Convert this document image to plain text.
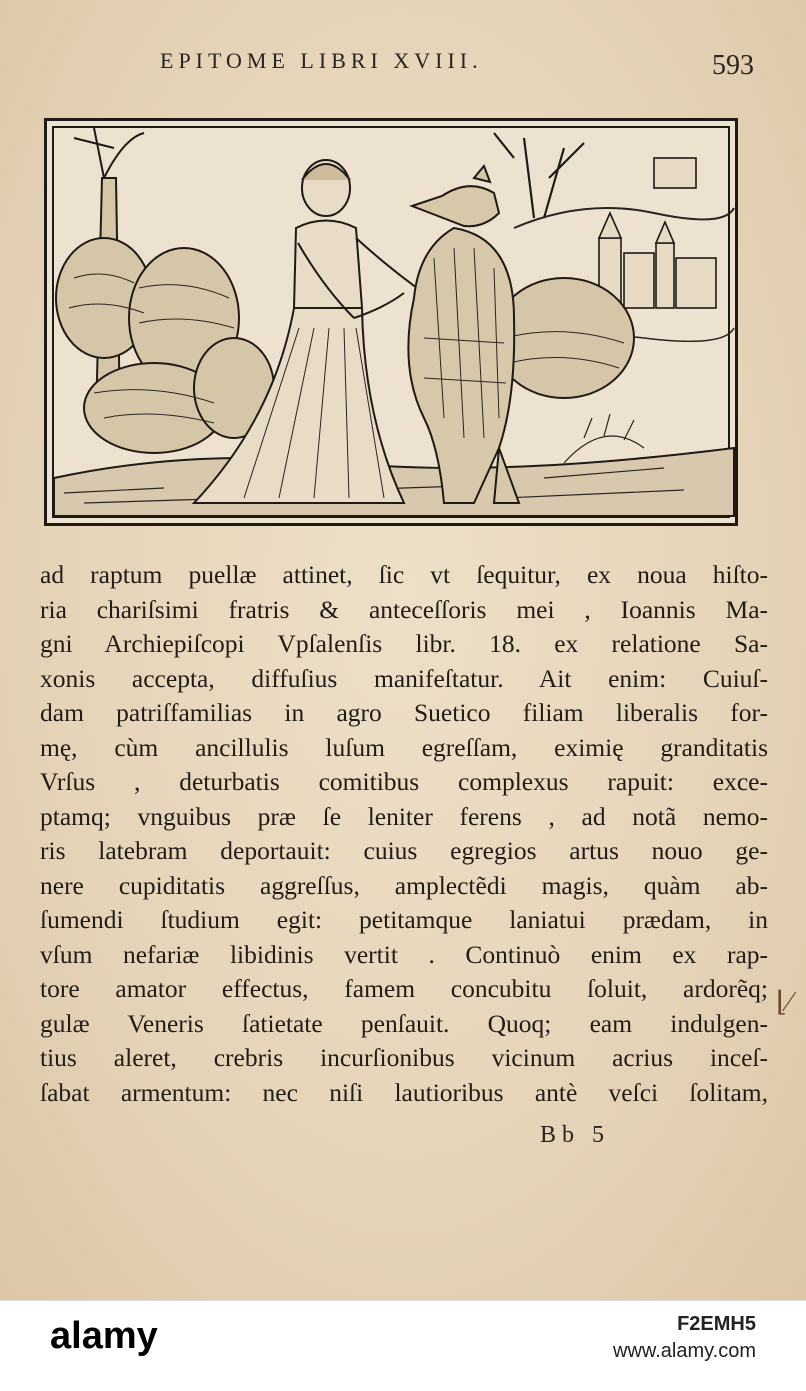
EPITOME LIBRI XVIII.	593
ad raptum puellæ attinet, ſic vt ſequitur, ex noua hiſto-
ria chariſsimi fratris & anteceſſoris mei , Ioannis Ma-
gni Archiepiſcopi Vpſalenſis libr. 18. ex relatione Sa-
xonis accepta, diffuſius manifeſtatur. Ait enim: Cuiuſ-
dam patriſfamilias in agro Suetico filiam liberalis for-
mę, cùm ancillulis luſum egreſſam, eximię granditatis
Vrſus , deturbatis comitibus complexus rapuit: exce-
ptamq; vnguibus præ ſe leniter ferens , ad notã nemo-
ris latebram deportauit: cuius egregios artus nouo ge-
nere cupiditatis aggreſſus, amplectẽdi magis, quàm ab-
ſumendi ſtudium egit: petitamque laniatui prædam, in
vſum nefariæ libidinis vertit . Continuò enim ex rap-
tore amator effectus, famem concubitu ſoluit, ardorẽq;
gulæ Veneris ſatietate penſauit. Quoq; eam indulgen-
tius aleret, crebris incurſionibus vicinum acrius inceſ-
ſabat armentum: nec niſi lautioribus antè veſci ſolitam,
Bb 5
⌊⁄
alamy	F2EMH5
www.alamy.com
